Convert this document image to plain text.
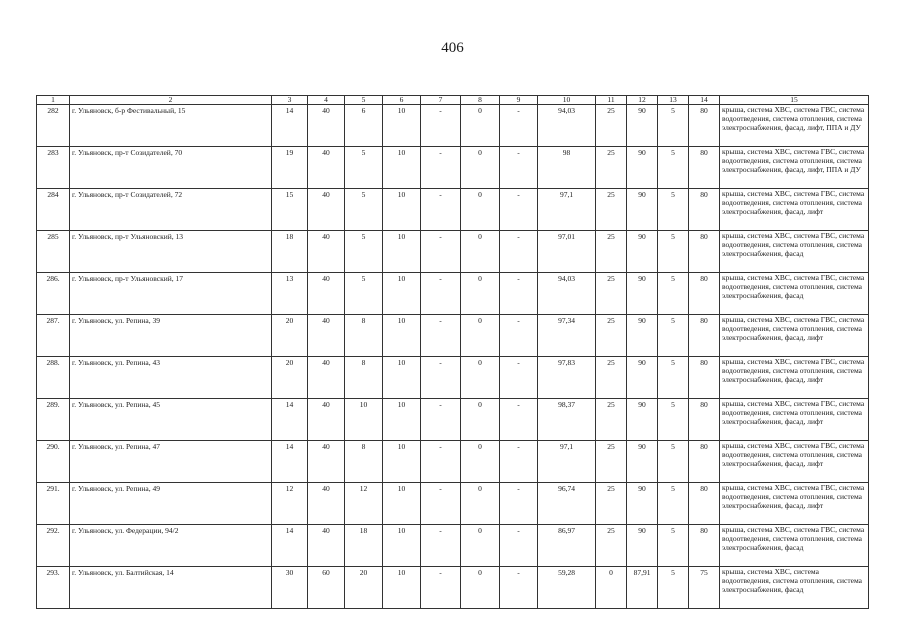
406
1	2	3	4	5	6	7	8	9	10	11	12	13	14	15
282	г. Ульяновск, б-р Фестивальный, 15	14	40	6	10	-	0	-	94,03	25	90	5	80	крыша, система ХВС, система ГВС, система водоотведения, система отопления, система электроснабжения, фасад, лифт, ППА и ДУ
283	г. Ульяновск, пр-т Созидателей, 70	19	40	5	10	-	0	-	98	25	90	5	80	крыша, система ХВС, система ГВС, система водоотведения, система отопления, система электроснабжения, фасад, лифт, ППА и ДУ
284	г. Ульяновск, пр-т Созидателей, 72	15	40	5	10	-	0	-	97,1	25	90	5	80	крыша, система ХВС, система ГВС, система водоотведения, система отопления, система электроснабжения, фасад, лифт
285	г. Ульяновск, пр-т Ульяновский, 13	18	40	5	10	-	0	-	97,01	25	90	5	80	крыша, система ХВС, система ГВС, система водоотведения, система отопления, система электроснабжения, фасад
286.	г. Ульяновск, пр-т Ульяновский, 17	13	40	5	10	-	0	-	94,03	25	90	5	80	крыша, система ХВС, система ГВС, система водоотведения, система отопления, система электроснабжения, фасад
287.	г. Ульяновск, ул. Репина, 39	20	40	8	10	-	0	-	97,34	25	90	5	80	крыша, система ХВС, система ГВС, система водоотведения, система отопления, система электроснабжения, фасад, лифт
288.	г. Ульяновск, ул. Репина, 43	20	40	8	10	-	0	-	97,83	25	90	5	80	крыша, система ХВС, система ГВС, система водоотведения, система отопления, система электроснабжения, фасад, лифт
289.	г. Ульяновск, ул. Репина, 45	14	40	10	10	-	0	-	98,37	25	90	5	80	крыша, система ХВС, система ГВС, система водоотведения, система отопления, система электроснабжения, фасад, лифт
290.	г. Ульяновск, ул. Репина, 47	14	40	8	10	-	0	-	97,1	25	90	5	80	крыша, система ХВС, система ГВС, система водоотведения, система отопления, система электроснабжения, фасад, лифт
291.	г. Ульяновск, ул. Репина, 49	12	40	12	10	-	0	-	96,74	25	90	5	80	крыша, система ХВС, система ГВС, система водоотведения, система отопления, система электроснабжения, фасад, лифт
292.	г. Ульяновск, ул. Федерации, 94/2	14	40	18	10	-	0	-	86,97	25	90	5	80	крыша, система ХВС, система ГВС, система водоотведения, система отопления, система электроснабжения, фасад
293.	г. Ульяновск, ул. Балтийская, 14	30	60	20	10	-	0	-	59,28	0	87,91	5	75	крыша, система ХВС, система водоотведения, система отопления, система электроснабжения, фасад
